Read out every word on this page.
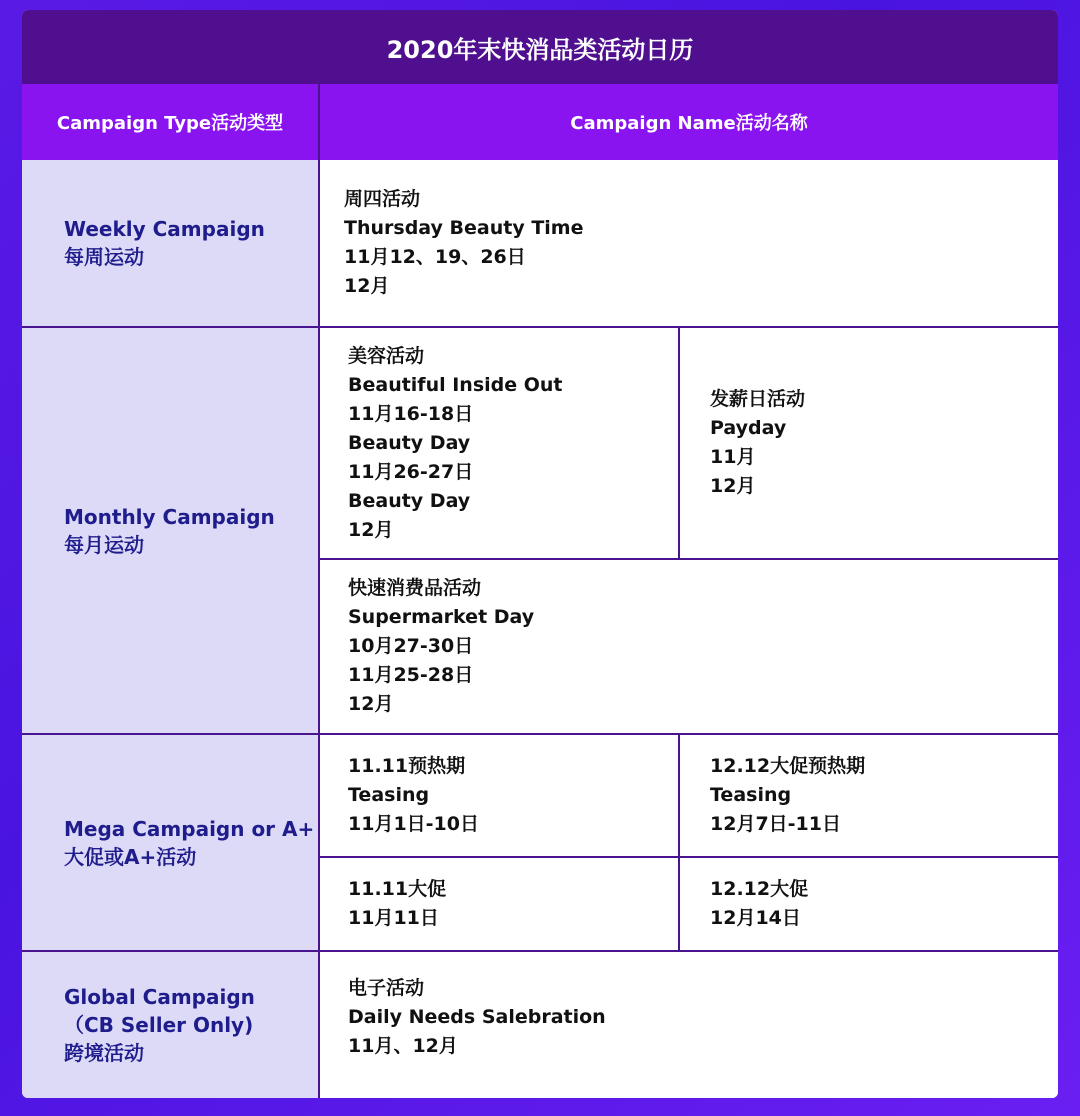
2020年末快消品类活动日历
Campaign Type活动类型	Campaign Name活动名称
Weekly Campaign
每周运动
周四活动
Thursday Beauty Time
11月12、19、26日
12月
Monthly Campaign
每月运动
美容活动
Beautiful Inside Out
11月16-18日
Beauty Day
11月26-27日
Beauty Day
12月
发薪日活动
Payday
11月
12月
快速消费品活动
Supermarket Day
10月27-30日
11月25-28日
12月
Mega Campaign or A+
大促或A+活动
11.11预热期
Teasing
11月1日-10日
12.12大促预热期
Teasing
12月7日-11日
11.11大促
11月11日
12.12大促
12月14日
Global Campaign
（CB Seller Only)
跨境活动
电子活动
Daily Needs Salebration
11月、12月
